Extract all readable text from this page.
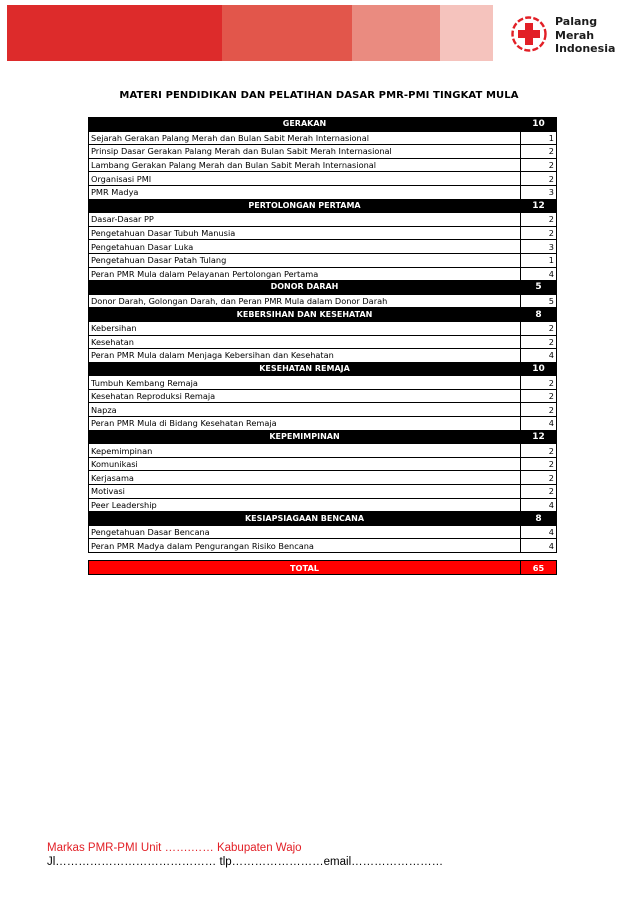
Palang
Merah
Indonesia
MATERI PENDIDIKAN DAN PELATIHAN DASAR PMR-PMI TINGKAT MULA
GERAKAN	10
Sejarah Gerakan Palang Merah dan Bulan Sabit Merah Internasional	1
Prinsip Dasar Gerakan Palang Merah dan Bulan Sabit Merah Internasional	2
Lambang Gerakan Palang Merah dan Bulan Sabit Merah Internasional	2
Organisasi PMI	2
PMR Madya	3
PERTOLONGAN PERTAMA	12
Dasar-Dasar PP	2
Pengetahuan Dasar Tubuh Manusia	2
Pengetahuan Dasar Luka	3
Pengetahuan Dasar Patah Tulang	1
Peran PMR Mula dalam Pelayanan Pertolongan Pertama	4
DONOR DARAH	5
Donor Darah, Golongan Darah, dan Peran PMR Mula dalam Donor Darah	5
KEBERSIHAN DAN KESEHATAN	8
Kebersihan	2
Kesehatan	2
Peran PMR Mula dalam Menjaga Kebersihan dan Kesehatan	4
KESEHATAN REMAJA	10
Tumbuh Kembang Remaja	2
Kesehatan Reproduksi Remaja	2
Napza	2
Peran PMR Mula di Bidang Kesehatan Remaja	4
KEPEMIMPINAN	12
Kepemimpinan	2
Komunikasi	2
Kerjasama	2
Motivasi	2
Peer Leadership	4
KESIAPSIAGAAN BENCANA	8
Pengetahuan Dasar Bencana	4
Peran PMR Madya dalam Pengurangan Risiko Bencana	4

TOTAL	65
Markas PMR-PMI Unit …….…… Kabupaten Wajo
Jl…………………………………… tlp……………………email……………………
